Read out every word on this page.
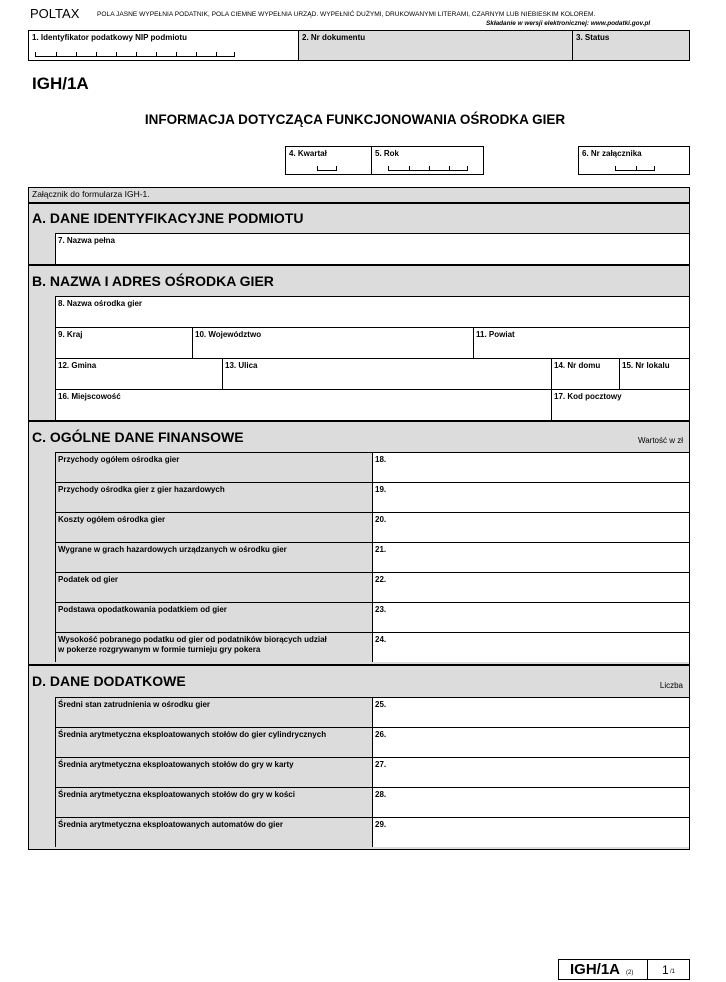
POLTAX	POLA JASNE WYPEŁNIA PODATNIK, POLA CIEMNE WYPEŁNIA URZĄD. WYPEŁNIĆ DUŻYMI, DRUKOWANYMI LITERAMI, CZARNYM LUB NIEBIESKIM KOLOREM.
Składanie w wersji elektronicznej: www.podatki.gov.pl
1. Identyfikator podatkowy NIP podmiotu	2. Nr dokumentu	3. Status
IGH/1A
INFORMACJA DOTYCZĄCA FUNKCJONOWANIA OŚRODKA GIER
4. Kwartał	5. Rok	6. Nr załącznika
Załącznik do formularza IGH-1.
A. DANE IDENTYFIKACYJNE PODMIOTU
7. Nazwa pełna
B. NAZWA I ADRES OŚRODKA GIER
8. Nazwa ośrodka gier
9. Kraj	10. Województwo	11. Powiat
12. Gmina	13. Ulica	14. Nr domu	15. Nr lokalu
16. Miejscowość	17. Kod pocztowy
C. OGÓLNE DANE FINANSOWE	Wartość w zł
Przychody ogółem ośrodka gier	18.
Przychody ośrodka gier z gier hazardowych	19.
Koszty ogółem ośrodka gier	20.
Wygrane w grach hazardowych urządzanych w ośrodku gier	21.
Podatek od gier	22.
Podstawa opodatkowania podatkiem od gier	23.
Wysokość pobranego podatku od gier od podatników biorących udział
w pokerze rozgrywanym w formie turnieju gry pokera
24.
D. DANE DODATKOWE	Liczba
Średni stan zatrudnienia w ośrodku gier	25.
Średnia arytmetyczna eksploatowanych stołów do gier cylindrycznych	26.
Średnia arytmetyczna eksploatowanych stołów do gry w karty	27.
Średnia arytmetyczna eksploatowanych stołów do gry w kości	28.
Średnia arytmetyczna eksploatowanych automatów do gier	29.
IGH/1A (2) 1 /1
